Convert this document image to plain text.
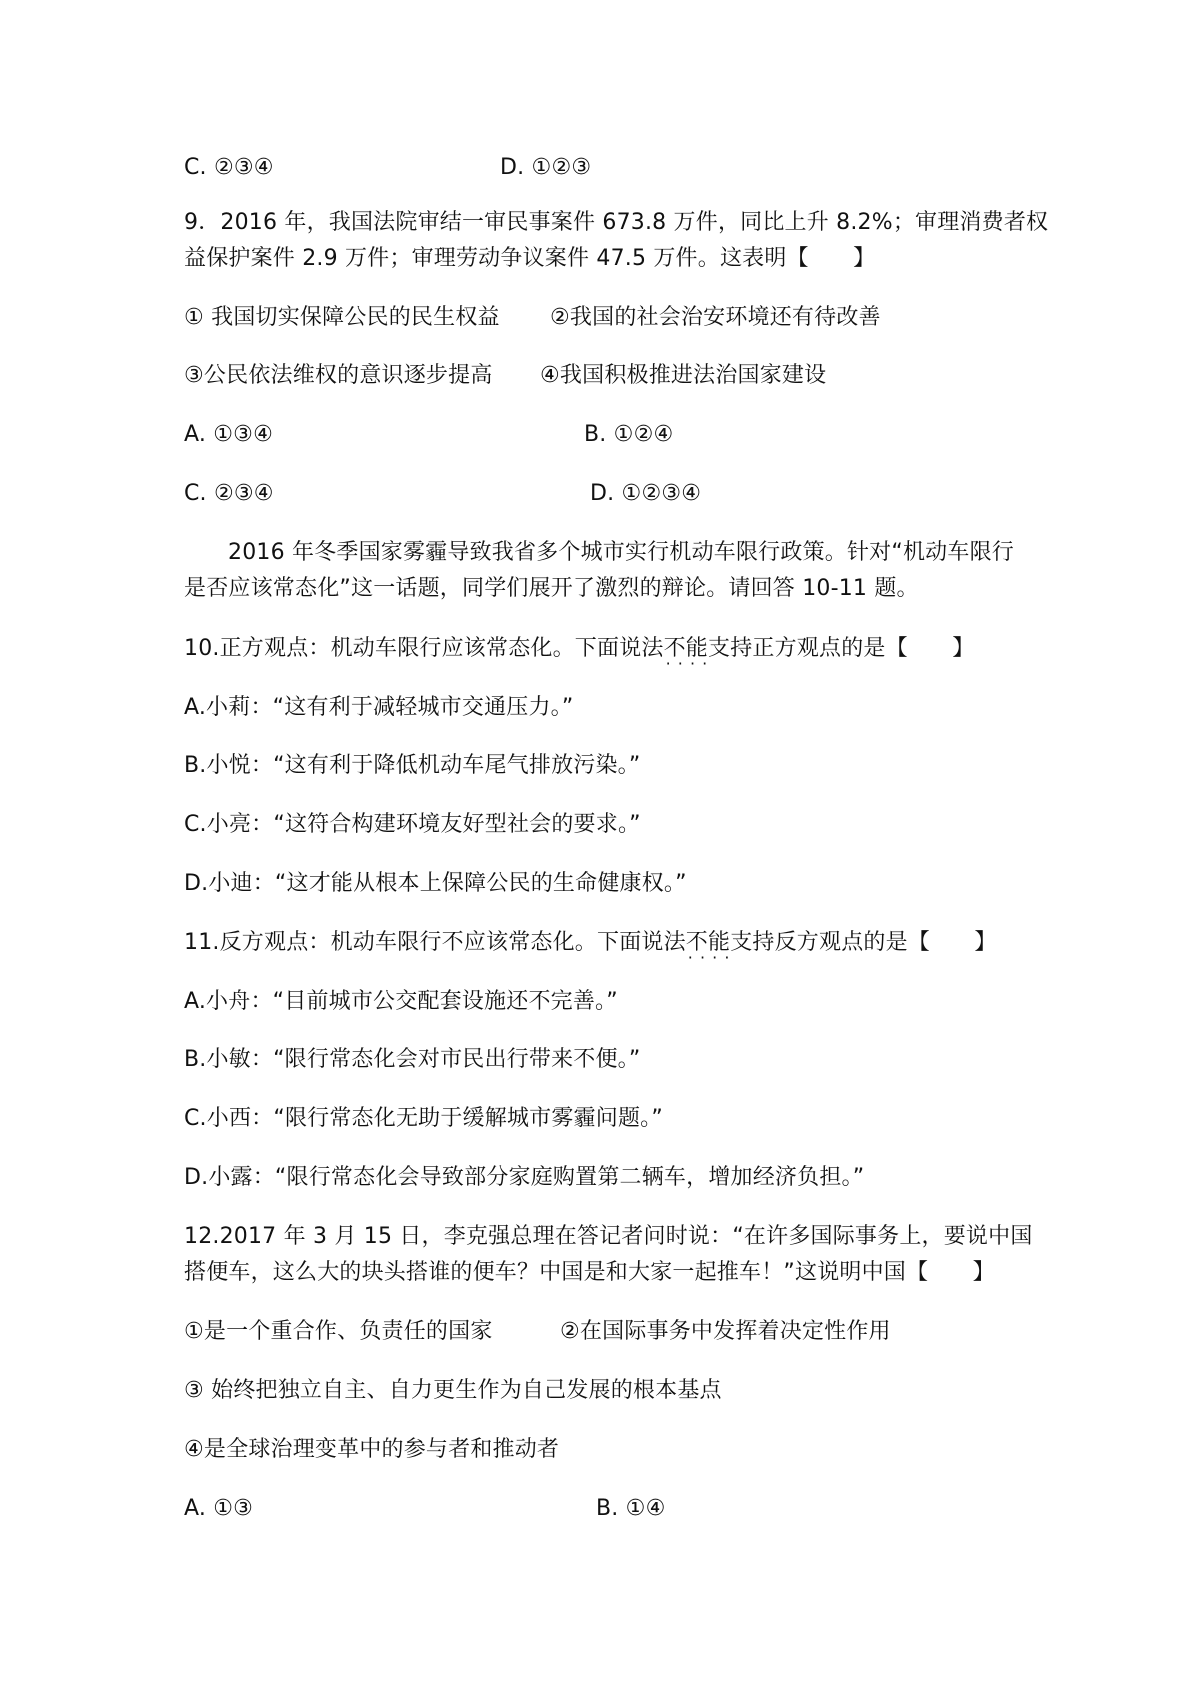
C. ②③④	D. ①②③
9．2016 年，我国法院审结一审民事案件 673.8 万件，同比上升 8.2%；审理消费者权
益保护案件 2.9 万件；审理劳动争议案件 47.5 万件。这表明【　　】
① 我国切实保障公民的民生权益 ②我国的社会治安环境还有待改善
③公民依法维权的意识逐步提高 ④我国积极推进法治国家建设
A. ①③④	B. ①②④
C. ②③④	D. ①②③④
2016 年冬季国家雾霾导致我省多个城市实行机动车限行政策。针对“机动车限行
是否应该常态化”这一话题，同学们展开了激烈的辩论。请回答 10-11 题。
10.正方观点：机动车限行应该常态化。下面说法不能支持 · · · ·正方观点的是【　　】
A.小莉：“这有利于减轻城市交通压力。”
B.小悦：“这有利于降低机动车尾气排放污染。”
C.小亮：“这符合构建环境友好型社会的要求。”
D.小迪：“这才能从根本上保障公民的生命健康权。”
11.反方观点：机动车限行不应该常态化。下面说法不能支持 · · · ·反方观点的是【　　】
A.小舟：“目前城市公交配套设施还不完善。”
B.小敏：“限行常态化会对市民出行带来不便。”
C.小西：“限行常态化无助于缓解城市雾霾问题。”
D.小露：“限行常态化会导致部分家庭购置第二辆车，增加经济负担。”
12.2017 年 3 月 15 日，李克强总理在答记者问时说：“在许多国际事务上，要说中国
搭便车，这么大的块头搭谁的便车？中国是和大家一起推车！”这说明中国【　　】
①是一个重合作、负责任的国家	②在国际事务中发挥着决定性作用
③ 始终把独立自主、自力更生作为自己发展的根本基点
④是全球治理变革中的参与者和推动者
A. ①③	B. ①④
